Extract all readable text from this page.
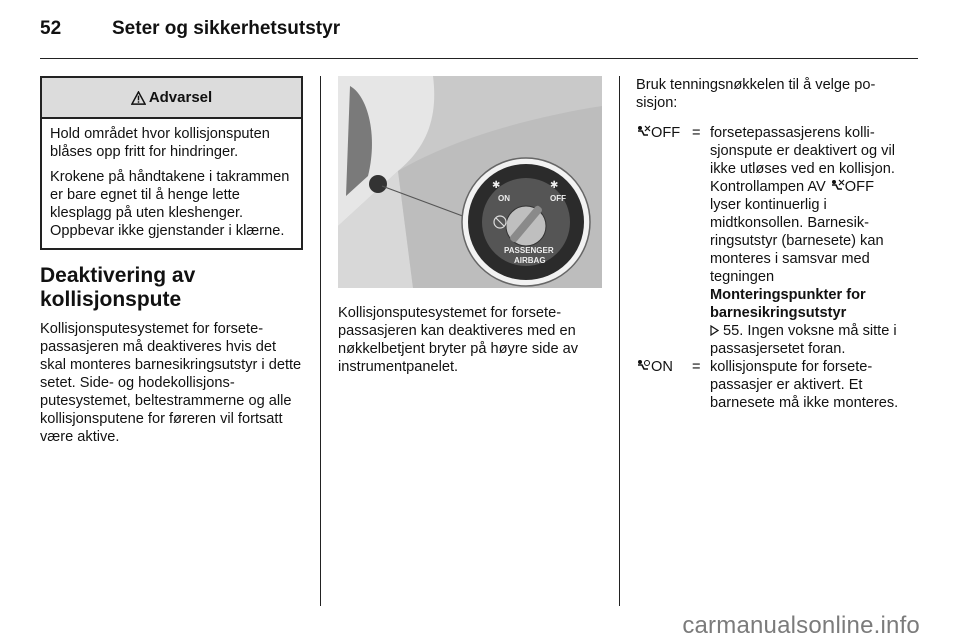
52	Seter og sikkerhetsutstyr
Advarsel

Hold området hvor kollisjonsputen blåses opp fritt for hindringer.

Krokene på håndtakene i takrammen er bare egnet til å henge lette klesplagg på uten kleshenger. Oppbevar ikke gjenstander i klærne.

Deaktivering av kollisjonspute
Kollisjonsputesystemet for forsetepassasjeren må deaktiveres hvis det skal monteres barnesikringsutstyr i dette setet. Side- og hodekollisjonsputesystemet, beltestrammerne og alle kollisjonsputene for føreren vil fortsatt være aktive.
✱	✱
ON	OFF
PASSENGER
AIRBAG
Kollisjonsputesystemet for forsetepassasjeren kan deaktiveres med en nøkkelbetjent bryter på høyre side av instrumentpanelet.
Bruk tenningsnøkkelen til å velge posisjon:
OFF = forsetepassasjerens kollisjonspute er deaktivert og vil ikke utløses ved en kollisjon. Kontrollampen AV OFF lyser kontinuerlig i midtkonsollen. Barnesikringsutstyr (barnesete) kan monteres i samsvar med tegningen Monteringspunkter for barnesikringsutstyr
55. Ingen voksne må sitte i passasjersetet foran.
ON	= kollisjonspute for forsetepassasjer er aktivert. Et barnesete må ikke monteres.
carmanualsonline.info
